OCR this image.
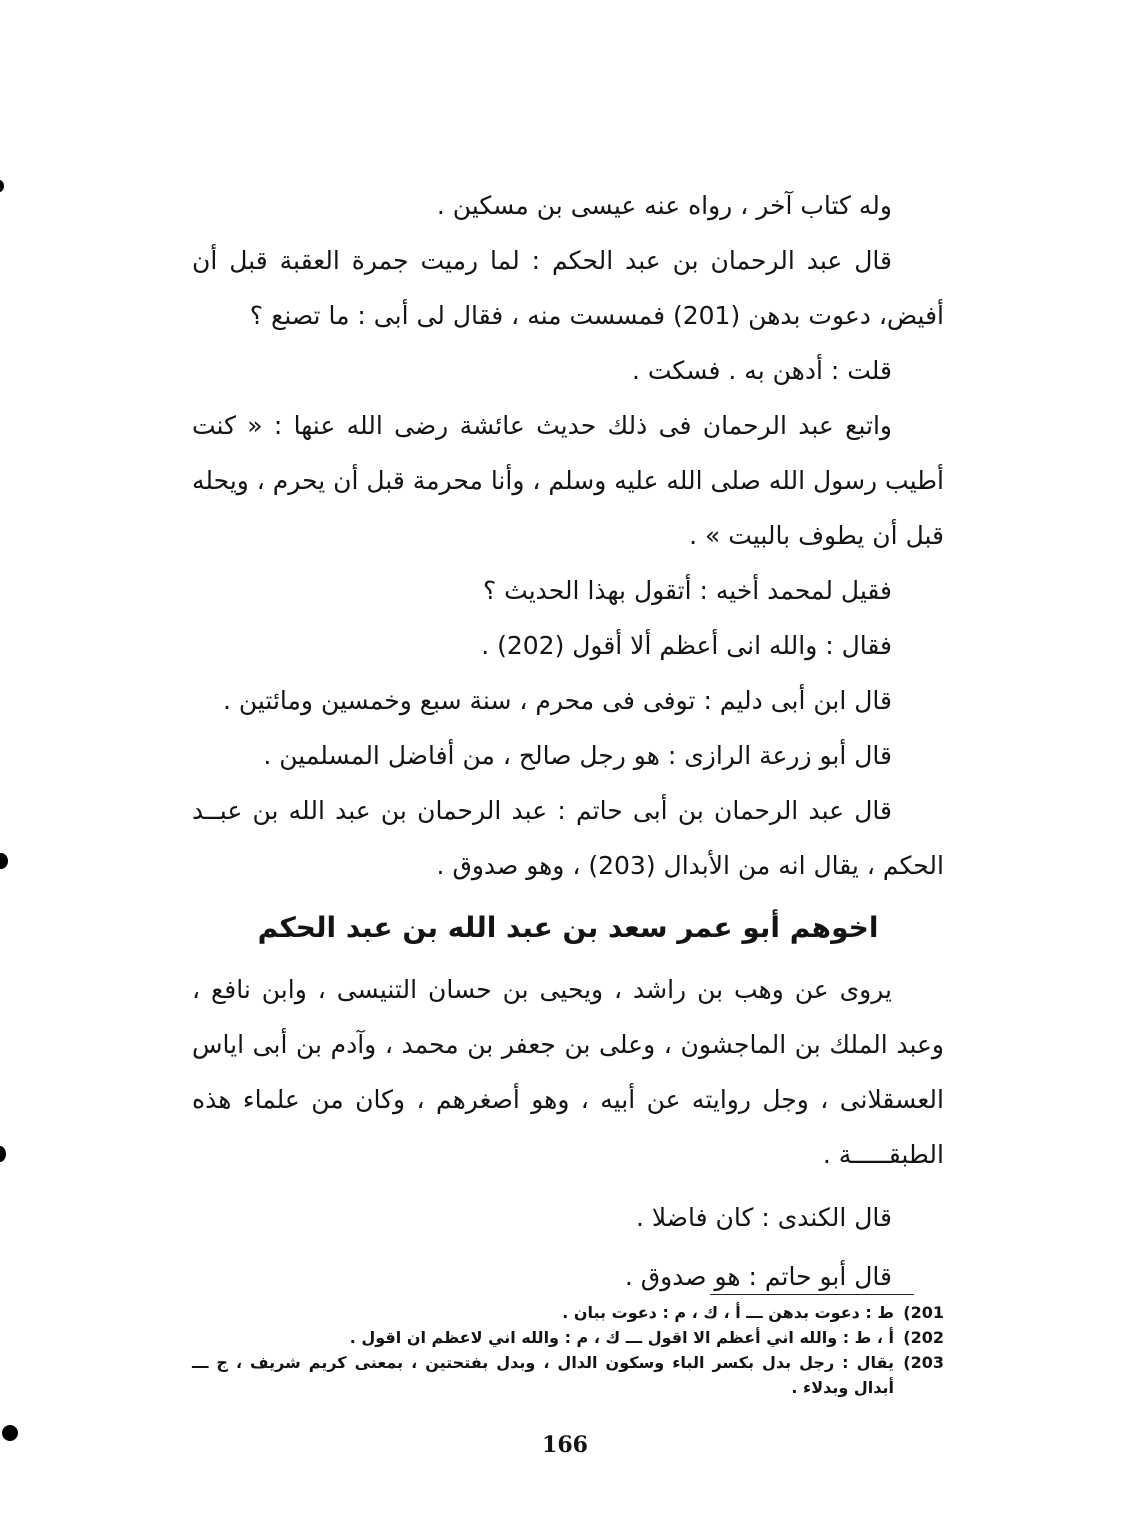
وله كتاب آخر ، رواه عنه عيسى بن مسكين .

قال عبد الرحمان بن عبد الحكم : لما رميت جمرة العقبة قبل أن أفيض، دعوت بدهن (201) فمسست منه ، فقال لى أبى : ما تصنع ؟

قلت : أدهن به . فسكت .

واتبع عبد الرحمان فى ذلك حديث عائشة رضى الله عنها : « كنت أطيب رسول الله صلى الله عليه وسلم ، وأنا محرمة قبل أن يحرم ، ويحله قبل أن يطوف بالبيت » .

فقيل لمحمد أخيه : أتقول بهذا الحديث ؟

فقال : والله انى أعظم ألا أقول (202) .

قال ابن أبى دليم : توفى فى محرم ، سنة سبع وخمسين ومائتين .

قال أبو زرعة الرازى : هو رجل صالح ، من أفاضل المسلمين .

قال عبد الرحمان بن أبى حاتم : عبد الرحمان بن عبد الله بن عبــد الحكم ، يقال انه من الأبدال (203) ، وهو صدوق .

اخوهم أبو عمر سعد بن عبد الله بن عبد الحكم

يروى عن وهب بن راشد ، ويحيى بن حسان التنيسى ، وابن نافع ، وعبد الملك بن الماجشون ، وعلى بن جعفر بن محمد ، وآدم بن أبى اياس العسقلانى ، وجل روايته عن أبيه ، وهو أصغرهم ، وكان من علماء هذه الطبقـــــة .

قال الكندى : كان فاضلا .

قال أبو حاتم : هو صدوق .

(201
ط : دعوت بدهن ـــ أ ، ك ، م : دعوت ببان .
(202
أ ، ط : والله اني أعظم الا اقول ـــ ك ، م : والله اني لاعظم ان اقول .
(203
يقال : رجل بدل بكسر الباء وسكون الدال ، وبدل بفتحتين ، بمعنى كريم شريف ، ج ـــ أبدال وبدلاء .
166
